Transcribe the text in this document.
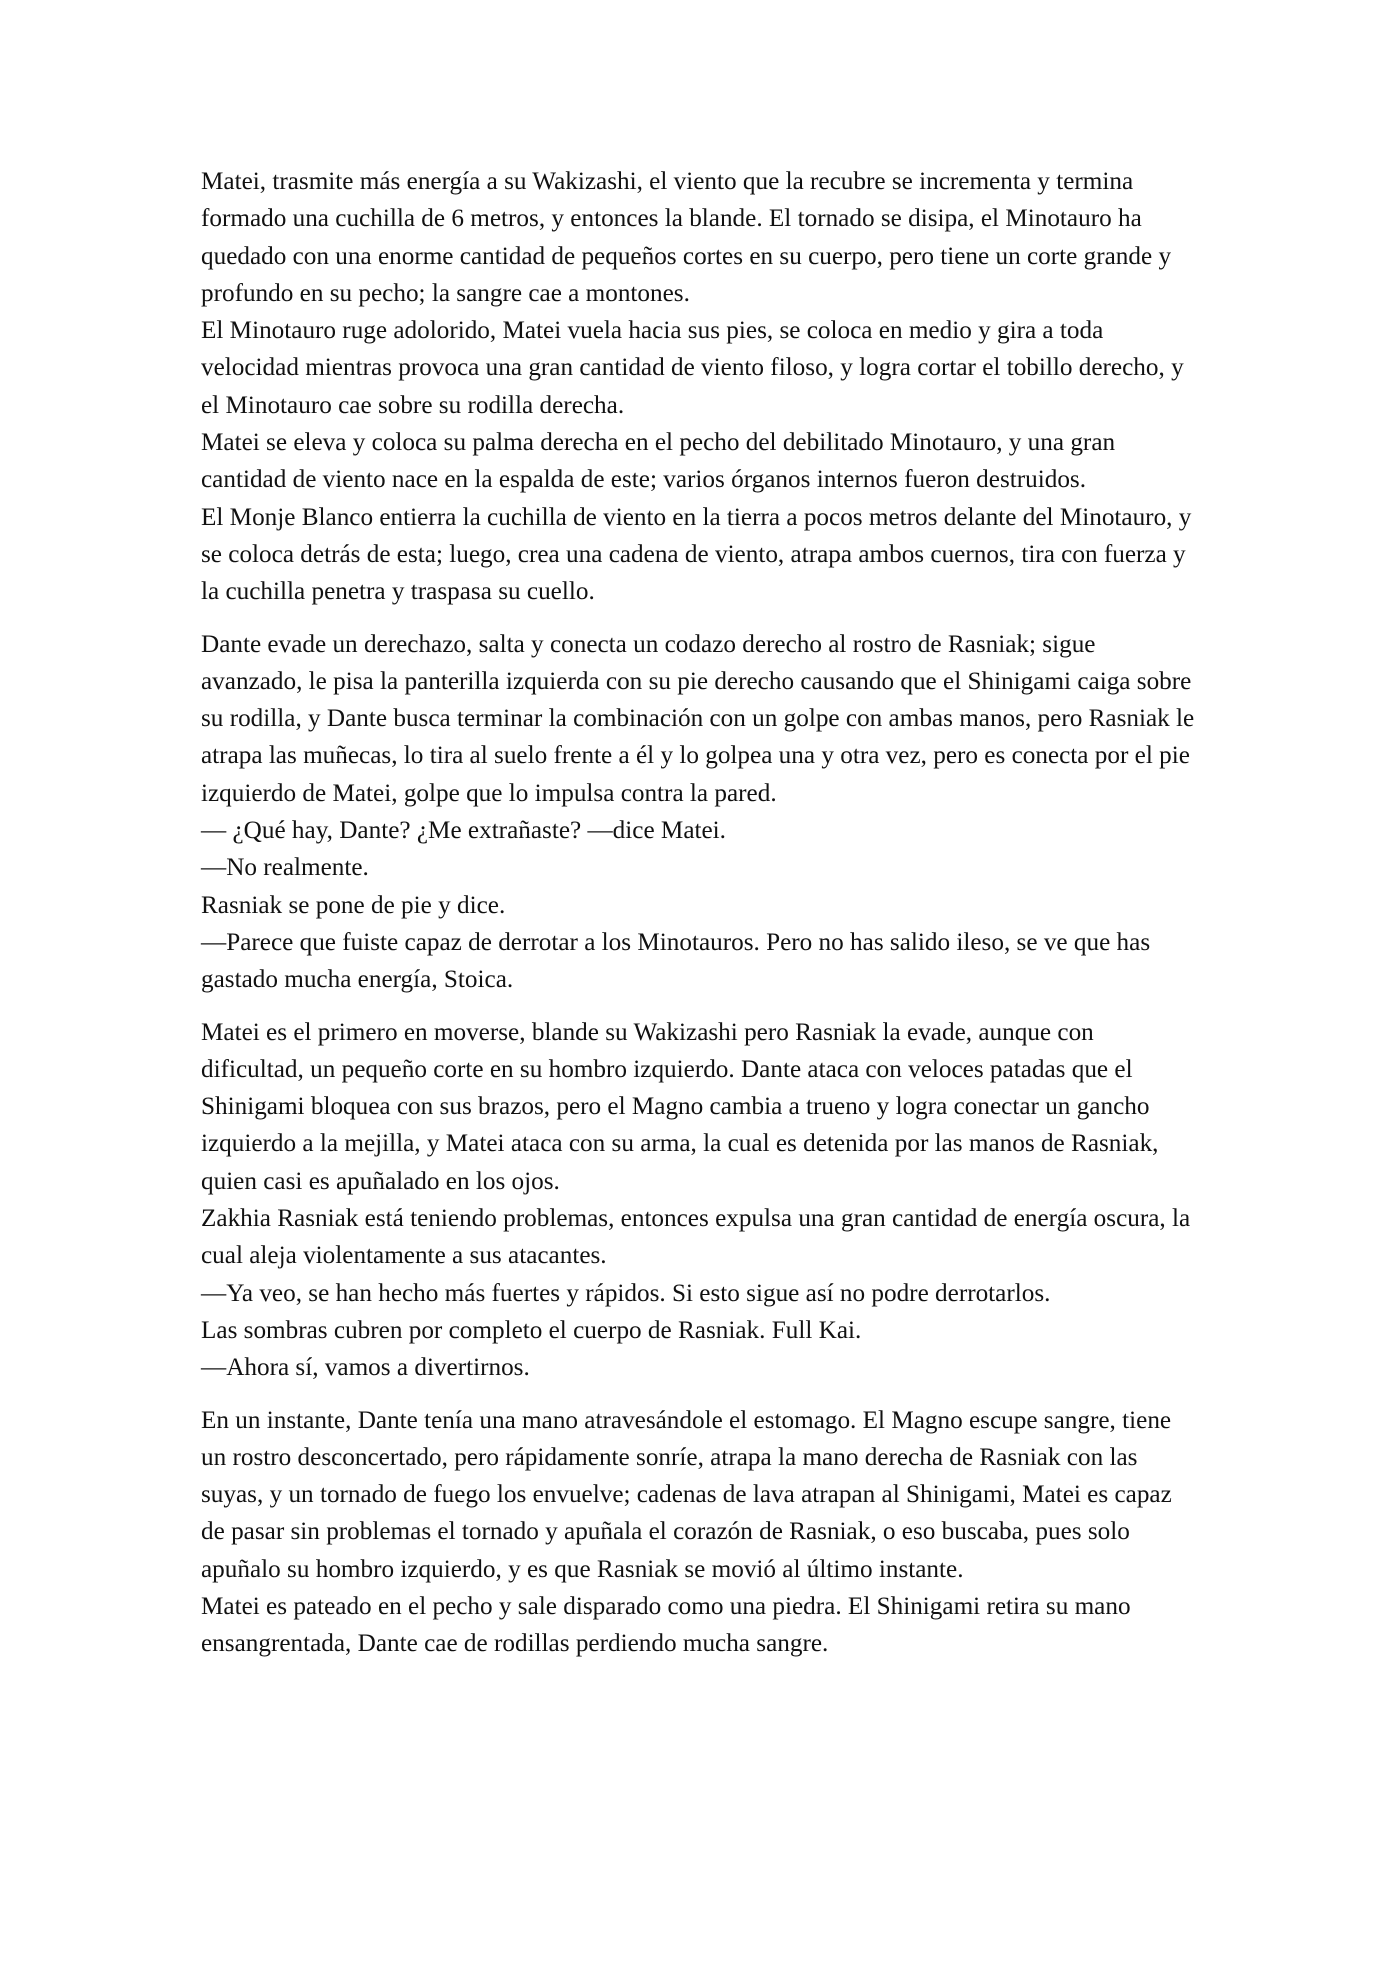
Matei, trasmite más energía a su Wakizashi, el viento que la recubre se incrementa y termina formado una cuchilla de 6 metros, y entonces la blande. El tornado se disipa, el Minotauro ha quedado con una enorme cantidad de pequeños cortes en su cuerpo, pero tiene un corte grande y profundo en su pecho; la sangre cae a montones.

El Minotauro ruge adolorido, Matei vuela hacia sus pies, se coloca en medio y gira a toda velocidad mientras provoca una gran cantidad de viento filoso, y logra cortar el tobillo derecho, y el Minotauro cae sobre su rodilla derecha.

Matei se eleva y coloca su palma derecha en el pecho del debilitado Minotauro, y una gran cantidad de viento nace en la espalda de este; varios órganos internos fueron destruidos.

El Monje Blanco entierra la cuchilla de viento en la tierra a pocos metros delante del Minotauro, y se coloca detrás de esta; luego, crea una cadena de viento, atrapa ambos cuernos, tira con fuerza y la cuchilla penetra y traspasa su cuello.

Dante evade un derechazo, salta y conecta un codazo derecho al rostro de Rasniak; sigue avanzado, le pisa la panterilla izquierda con su pie derecho causando que el Shinigami caiga sobre su rodilla, y Dante busca terminar la combinación con un golpe con ambas manos, pero Rasniak le atrapa las muñecas, lo tira al suelo frente a él y lo golpea una y otra vez, pero es conecta por el pie izquierdo de Matei, golpe que lo impulsa contra la pared.

— ¿Qué hay, Dante? ¿Me extrañaste? —dice Matei.

—No realmente.

Rasniak se pone de pie y dice.

—Parece que fuiste capaz de derrotar a los Minotauros. Pero no has salido ileso, se ve que has gastado mucha energía, Stoica.

Matei es el primero en moverse, blande su Wakizashi pero Rasniak la evade, aunque con dificultad, un pequeño corte en su hombro izquierdo. Dante ataca con veloces patadas que el Shinigami bloquea con sus brazos, pero el Magno cambia a trueno y logra conectar un gancho izquierdo a la mejilla, y Matei ataca con su arma, la cual es detenida por las manos de Rasniak, quien casi es apuñalado en los ojos.

Zakhia Rasniak está teniendo problemas, entonces expulsa una gran cantidad de energía oscura, la cual aleja violentamente a sus atacantes.

—Ya veo, se han hecho más fuertes y rápidos. Si esto sigue así no podre derrotarlos.

Las sombras cubren por completo el cuerpo de Rasniak. Full Kai.

—Ahora sí, vamos a divertirnos.

En un instante, Dante tenía una mano atravesándole el estomago. El Magno escupe sangre, tiene un rostro desconcertado, pero rápidamente sonríe, atrapa la mano derecha de Rasniak con las suyas, y un tornado de fuego los envuelve; cadenas de lava atrapan al Shinigami, Matei es capaz de pasar sin problemas el tornado y apuñala el corazón de Rasniak, o eso buscaba, pues solo apuñalo su hombro izquierdo, y es que Rasniak se movió al último instante.

Matei es pateado en el pecho y sale disparado como una piedra. El Shinigami retira su mano ensangrentada, Dante cae de rodillas perdiendo mucha sangre.
